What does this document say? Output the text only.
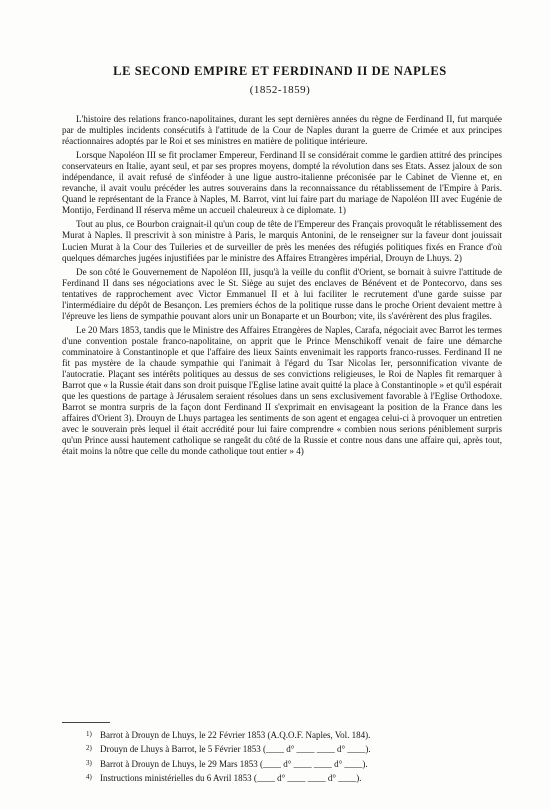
LE SECOND EMPIRE ET FERDINAND II DE NAPLES
(1852-1859)

L'histoire des relations franco-napolitaines, durant les sept dernières années du règne de Ferdinand II, fut marquée par de multiples incidents consécutifs à l'attitude de la Cour de Naples durant la guerre de Crimée et aux principes réactionnaires adoptés par le Roi et ses ministres en matière de politique intérieure.

Lorsque Napoléon III se fit proclamer Empereur, Ferdinand II se considérait comme le gardien attitré des principes conservateurs en Italie, ayant seul, et par ses propres moyens, dompté la révolution dans ses Etats. Assez jaloux de son indépendance, il avait refusé de s'inféoder à une ligue austro-italienne préconisée par le Cabinet de Vienne et, en revanche, il avait voulu précéder les autres souverains dans la reconnaissance du rétablissement de l'Empire à Paris. Quand le représentant de la France à Naples, M. Barrot, vint lui faire part du mariage de Napoléon III avec Eugénie de Montijo, Ferdinand II réserva même un accueil chaleureux à ce diplomate. 1)

Tout au plus, ce Bourbon craignait-il qu'un coup de tête de l'Empereur des Français provoquât le rétablissement des Murat à Naples. Il prescrivit à son ministre à Paris, le marquis Antonini, de le renseigner sur la faveur dont jouissait Lucien Murat à la Cour des Tuileries et de surveiller de près les menées des réfugiés politiques fixés en France d'où quelques démarches jugées injustifiées par le ministre des Affaires Etrangères impérial, Drouyn de Lhuys. 2)

De son côté le Gouvernement de Napoléon III, jusqu'à la veille du conflit d'Orient, se bornait à suivre l'attitude de Ferdinand II dans ses négociations avec le St. Siège au sujet des enclaves de Bénévent et de Pontecorvo, dans ses tentatives de rapprochement avec Victor Emmanuel II et à lui faciliter le recrutement d'une garde suisse par l'intermédiaire du dépôt de Besançon. Les premiers échos de la politique russe dans le proche Orient devaient mettre à l'épreuve les liens de sympathie pouvant alors unir un Bonaparte et un Bourbon; vite, ils s'avérèrent des plus fragiles.

Le 20 Mars 1853, tandis que le Ministre des Affaires Etrangères de Naples, Carafa, négociait avec Barrot les termes d'une convention postale franco-napolitaine, on apprit que le Prince Menschikoff venait de faire une démarche comminatoire à Constantinople et que l'affaire des lieux Saints envenimait les rapports franco-russes. Ferdinand II ne fit pas mystère de la chaude sympathie qui l'animait à l'égard du Tsar Nicolas Ier, personnification vivante de l'autocratie. Plaçant ses intérêts politiques au dessus de ses convictions religieuses, le Roi de Naples fit remarquer à Barrot que « la Russie était dans son droit puisque l'Eglise latine avait quitté la place à Constantinople » et qu'il espérait que les questions de partage à Jérusalem seraient résolues dans un sens exclusivement favorable à l'Eglise Orthodoxe. Barrot se montra surpris de la façon dont Ferdinand II s'exprimait en envisageant la position de la France dans les affaires d'Orient 3). Drouyn de Lhuys partagea les sentiments de son agent et engagea celui-ci à provoquer un entretien avec le souverain près lequel il était accrédité pour lui faire comprendre « combien nous serions péniblement surpris qu'un Prince aussi hautement catholique se rangeât du côté de la Russie et contre nous dans une affaire qui, après tout, était moins la nôtre que celle du monde catholique tout entier » 4)

1) Barrot à Drouyn de Lhuys, le 22 Février 1853 (A.Q.O.F. Naples, Vol. 184).
2) Drouyn de Lhuys à Barrot, le 5 Février 1853 (____ d° ____ ____ d° ____).
3) Barrot à Drouyn de Lhuys, le 29 Mars 1853 (____ d° ____ ____ d° ____).
4) Instructions ministérielles du 6 Avril 1853 (____ d° ____ ____ d° ____).
